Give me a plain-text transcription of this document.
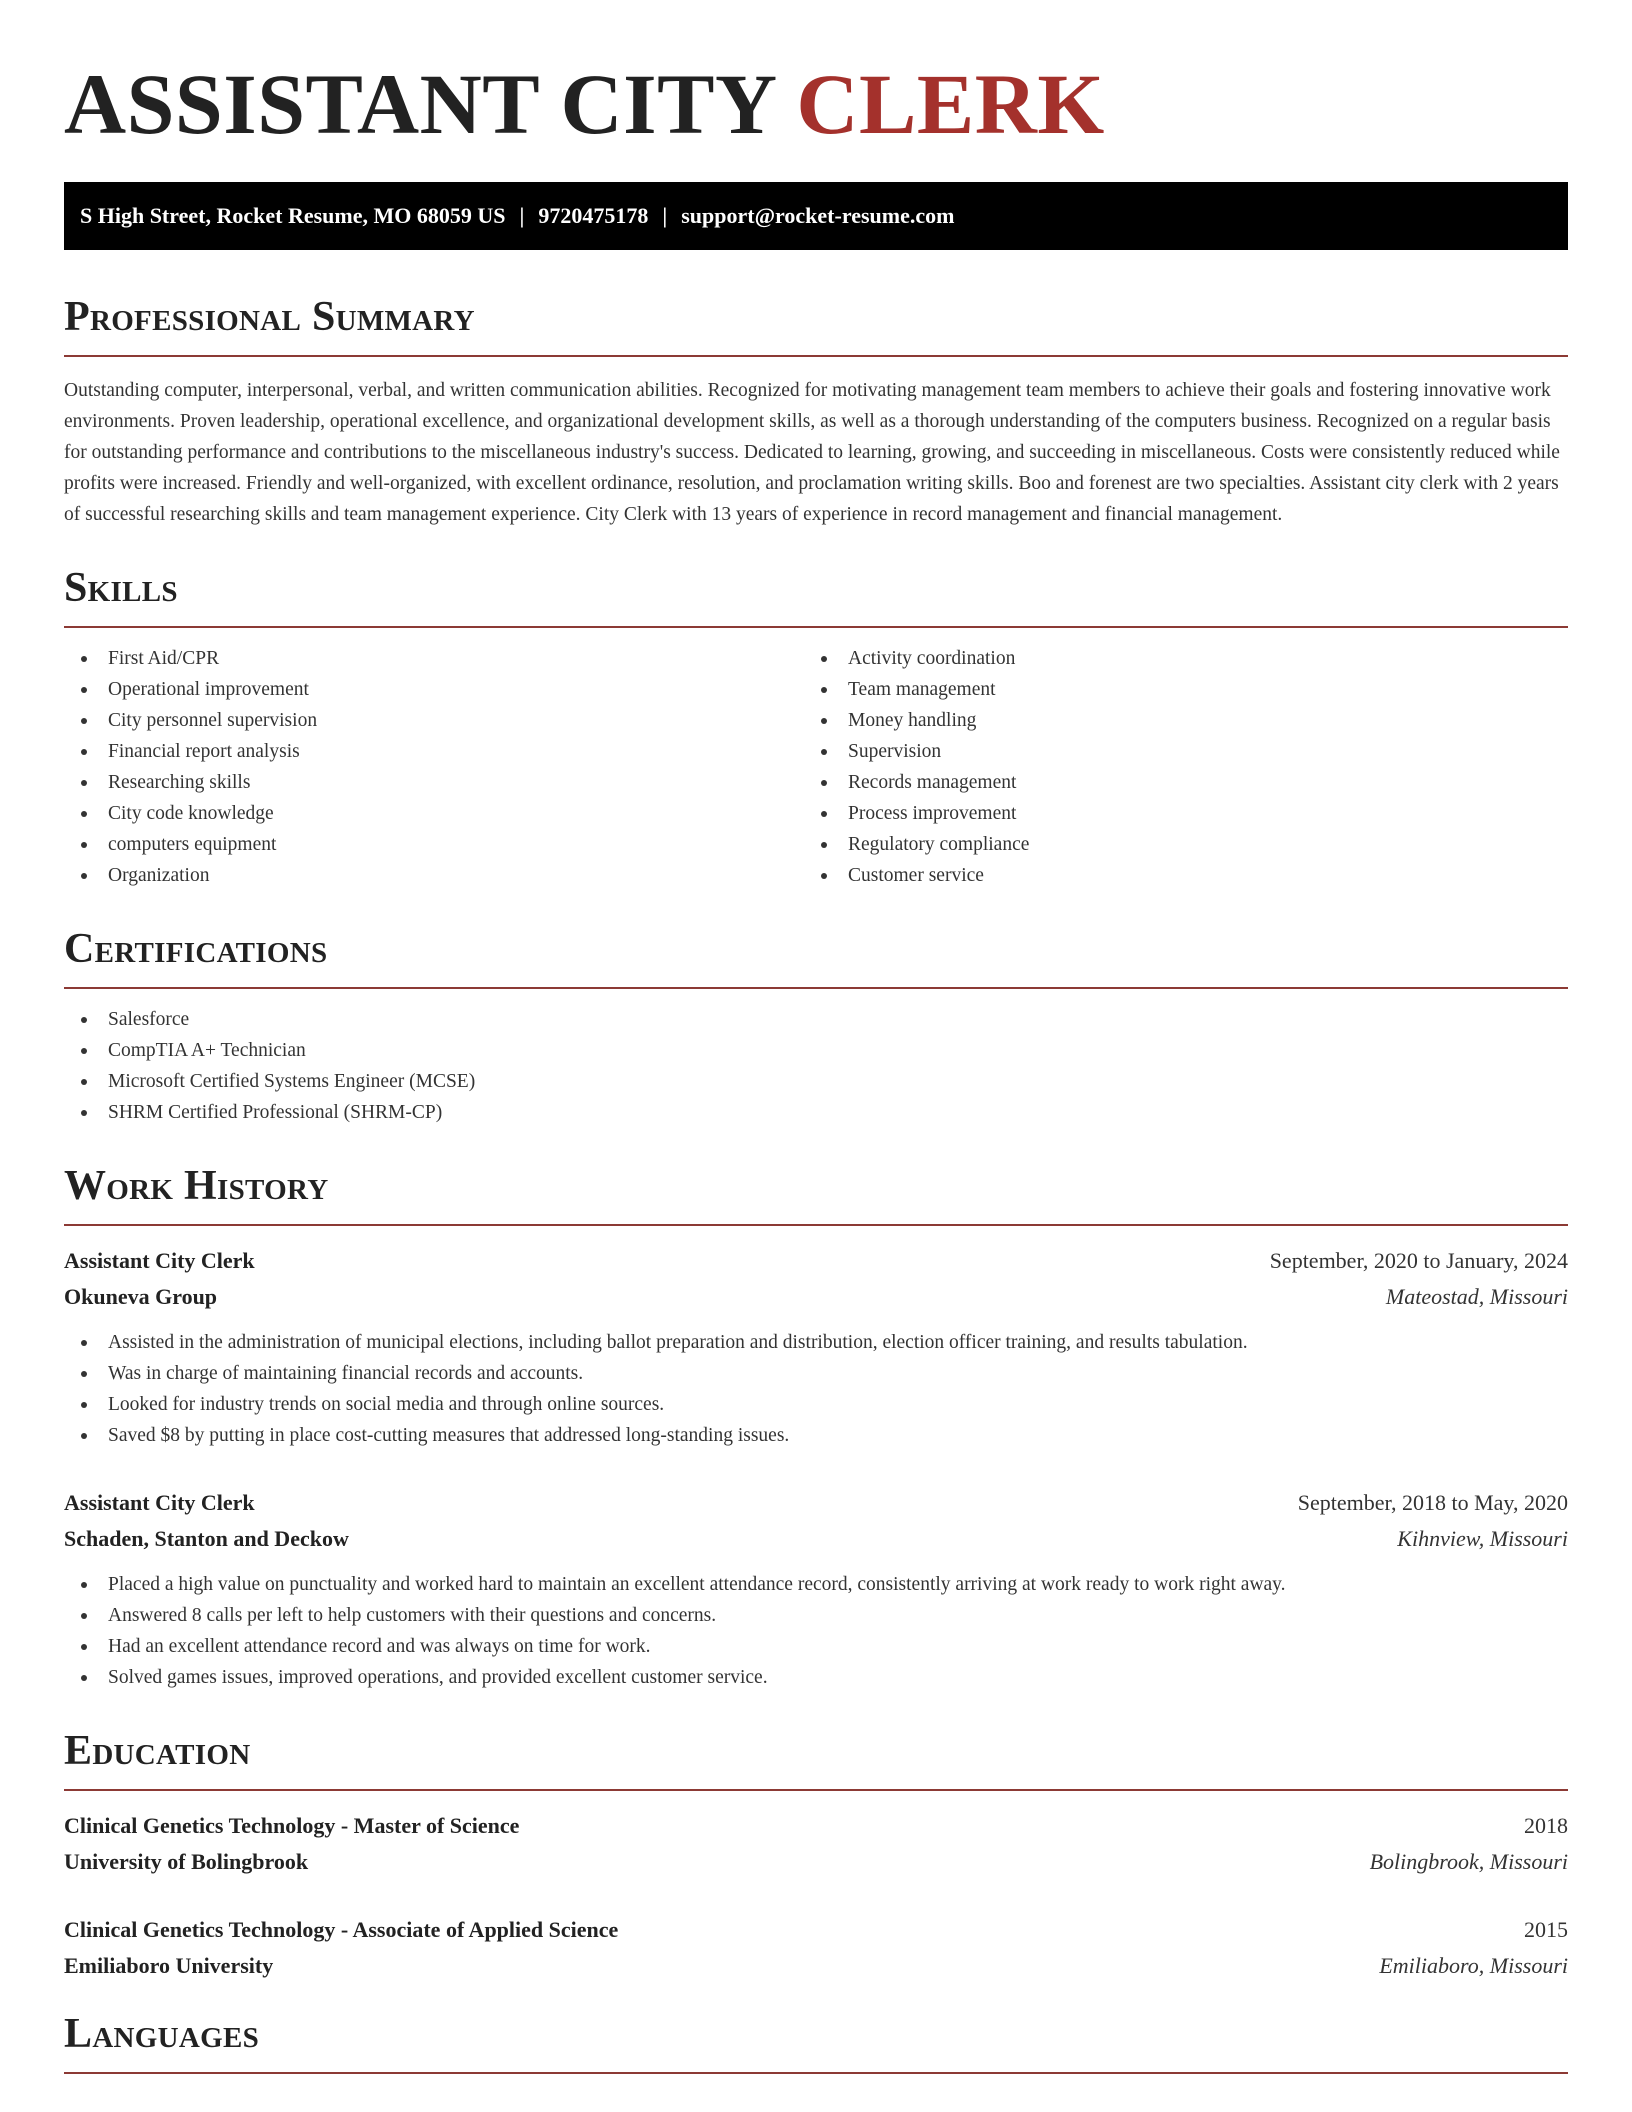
ASSISTANT CITY CLERK
S High Street, Rocket Resume, MO 68059 US | 9720475178 | support@rocket-resume.com
Professional Summary

Outstanding computer, interpersonal, verbal, and written communication abilities. Recognized for motivating management team members to achieve their goals and fostering innovative work environments. Proven leadership, operational excellence, and organizational development skills, as well as a thorough understanding of the computers business. Recognized on a regular basis for outstanding performance and contributions to the miscellaneous industry's success. Dedicated to learning, growing, and succeeding in miscellaneous. Costs were consistently reduced while profits were increased. Friendly and well-organized, with excellent ordinance, resolution, and proclamation writing skills. Boo and forenest are two specialties. Assistant city clerk with 2 years of successful researching skills and team management experience. City Clerk with 13 years of experience in record management and financial management.

Skills
First Aid/CPR
Operational improvement
City personnel supervision
Financial report analysis
Researching skills
City code knowledge
computers equipment
Organization
Activity coordination
Team management
Money handling
Supervision
Records management
Process improvement
Regulatory compliance
Customer service
Certifications
Salesforce
CompTIA A+ Technician
Microsoft Certified Systems Engineer (MCSE)
SHRM Certified Professional (SHRM-CP)
Work History
Assistant City Clerk	September, 2020 to January, 2024
Okuneva Group	Mateostad, Missouri
Assisted in the administration of municipal elections, including ballot preparation and distribution, election officer training, and results tabulation.
Was in charge of maintaining financial records and accounts.
Looked for industry trends on social media and through online sources.
Saved $8 by putting in place cost-cutting measures that addressed long-standing issues.
Assistant City Clerk	September, 2018 to May, 2020
Schaden, Stanton and Deckow	Kihnview, Missouri
Placed a high value on punctuality and worked hard to maintain an excellent attendance record, consistently arriving at work ready to work right away.
Answered 8 calls per left to help customers with their questions and concerns.
Had an excellent attendance record and was always on time for work.
Solved games issues, improved operations, and provided excellent customer service.
Education
Clinical Genetics Technology - Master of Science	2018
University of Bolingbrook	Bolingbrook, Missouri
Clinical Genetics Technology - Associate of Applied Science	2015
Emiliaboro University	Emiliaboro, Missouri
Languages
